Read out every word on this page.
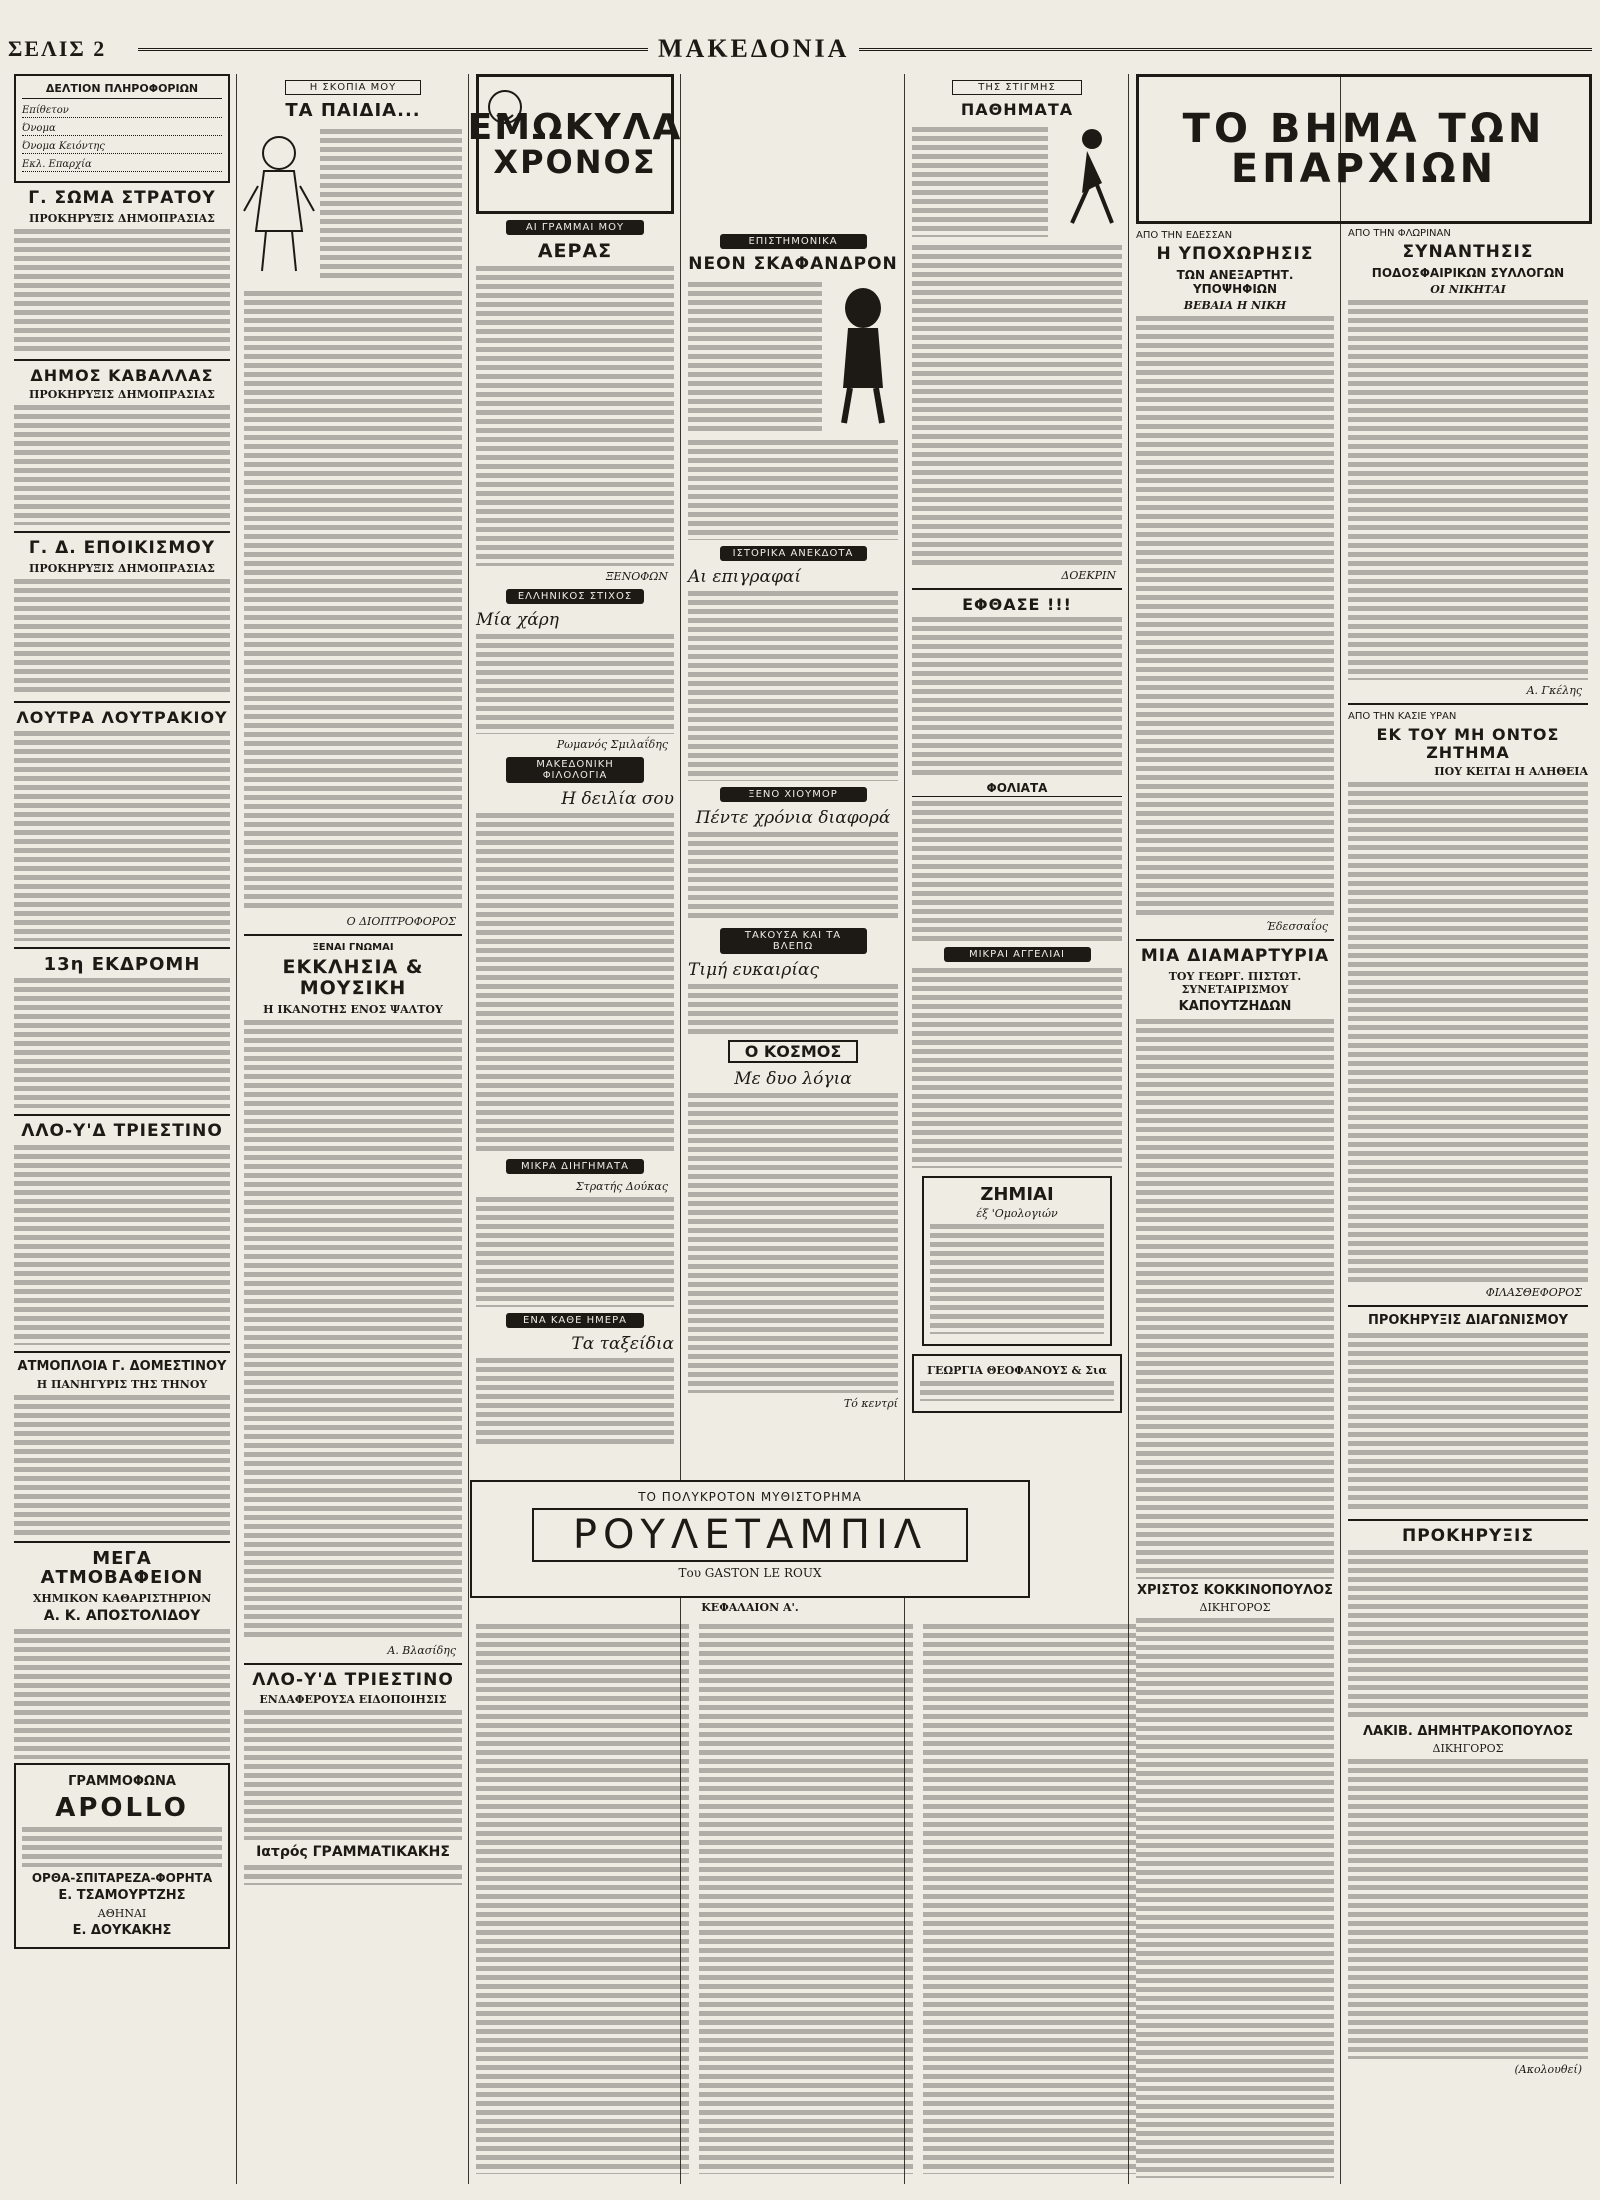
ΣΕΛΙΣ 2	ΜΑΚΕΔΟΝΙΑ
ΔΕΛΤΙΟΝ ΠΛΗΡΟΦΟΡΙΩΝ
Επίθετον
Όνομα
Όνομα Κειόντης
Εκλ. Επαρχία
Γ. ΣΩΜΑ ΣΤΡΑΤΟΥ
ΠΡΟΚΗΡΥΞΙΣ ΔΗΜΟΠΡΑΣΙΑΣ
ΔΗΜΟΣ ΚΑΒΑΛΛΑΣ
ΠΡΟΚΗΡΥΞΙΣ ΔΗΜΟΠΡΑΣΙΑΣ
Γ. Δ. ΕΠΟΙΚΙΣΜΟΥ
ΠΡΟΚΗΡΥΞΙΣ ΔΗΜΟΠΡΑΣΙΑΣ
ΛΟΥΤΡΑ ΛΟΥΤΡΑΚΙΟΥ
13η ΕΚΔΡΟΜΗ
ΛΛΟ-Υ'Δ ΤΡΙΕΣΤΙΝΟ
ΑΤΜΟΠΛΟΙΑ Γ. ΔΟΜΕΣΤΙΝΟΥ
Η ΠΑΝΗΓΥΡΙΣ ΤΗΣ ΤΗΝΟΥ
ΜΕΓΑ ΑΤΜΟΒΑΦΕΙΟΝ
ΧΗΜΙΚΟΝ ΚΑΘΑΡΙΣΤΗΡΙΟΝ
Α. Κ. ΑΠΟΣΤΟΛΙΔΟΥ
ΓΡΑΜΜΟΦΩΝΑ
APOLLO
ΟΡΘΑ-ΣΠΙΤΑΡΕΖΑ-ΦΟΡΗΤΑ
Ε. ΤΣΑΜΟΥΡΤΖΗΣ
ΑΘΗΝΑΙ
Ε. ΔΟΥΚΑΚΗΣ
Η ΣΚΟΠΙΑ ΜΟΥ
ΤΑ ΠΑΙΔΙΑ...
Ο ΔΙΟΠΤΡΟΦΟΡΟΣ
ΞΕΝΑΙ ΓΝΩΜΑΙ
ΕΚΚΛΗΣΙΑ & ΜΟΥΣΙΚΗ
Η ΙΚΑΝΟΤΗΣ ΕΝΟΣ ΨΑΛΤΟΥ
Α. Βλασίδης
ΛΛΟ-Υ'Δ ΤΡΙΕΣΤΙΝΟ
ΕΝΔΑΦΕΡΟΥΣΑ ΕΙΔΟΠΟΙΗΣΙΣ
Ιατρός ΓΡΑΜΜΑΤΙΚΑΚΗΣ
ΕΜΩΚΥΛΑ
ΧΡΟΝΟΣ
ΑΙ ΓΡΑΜΜΑΙ ΜΟΥ
ΑΕΡΑΣ
ΞΕΝΟΦΩΝ
ΕΛΛΗΝΙΚΟΣ ΣΤΙΧΟΣ
Μία χάρη
Ρωμανός Σμιλαΐδης
ΜΑΚΕΔΟΝΙΚΗ ΦΙΛΟΛΟΓΙΑ
Η δειλία σου
ΜΙΚΡΑ ΔΙΗΓΗΜΑΤΑ
Στρατής Δούκας
ΕΝΑ ΚΑΘΕ ΗΜΕΡΑ
Τα ταξείδια
ΕΠΙΣΤΗΜΟΝΙΚΑ
ΝΕΟΝ ΣΚΑΦΑΝΔΡΟΝ
ΙΣΤΟΡΙΚΑ ΑΝΕΚΔΟΤΑ
Αι επιγραφαί
ΞΕΝΟ ΧΙΟΥΜΟΡ
Πέντε χρόνια διαφορά
ΤΑΚΟΥΣΑ ΚΑΙ ΤΑ ΒΛΕΠΩ
Τιμή ευκαιρίας
Ο ΚΟΣΜΟΣ
Με δυο λόγια
Τό κεντρί
ΤΗΣ ΣΤΙΓΜΗΣ
ΠΑΘΗΜΑΤΑ
ΔΟΕΚΡΙΝ
ΕΦΘΑΣΕ !!!
ΦΟΛΙΑΤΑ
ΜΙΚΡΑΙ ΑΓΓΕΛΙΑΙ
ΖΗΜΙΑΙ
έξ 'Ομολογιών
ΓΕΩΡΓΙΑ ΘΕΟΦΑΝΟΥΣ & Σια
ΤΟ ΒΗΜΑ ΤΩΝ
ΕΠΑΡΧΙΩΝ
ΑΠΟ ΤΗΝ ΕΔΕΣΣΑΝ
Η ΥΠΟΧΩΡΗΣΙΣ
ΤΩΝ ΑΝΕΞΑΡΤΗΤ. ΥΠΟΨΗΦΙΩΝ
ΒΕΒΑΙΑ Η ΝΙΚΗ
Έδεσσαΐος
ΜΙΑ ΔΙΑΜΑΡΤΥΡΙΑ
ΤΟΥ ΓΕΩΡΓ. ΠΙΣΤΩΤ. ΣΥΝΕΤΑΙΡΙΣΜΟΥ
ΚΑΠΟΥΤΖΗΔΩΝ
ΧΡΙΣΤΟΣ ΚΟΚΚΙΝΟΠΟΥΛΟΣ
ΔΙΚΗΓΟΡΟΣ
ΑΠΟ ΤΗΝ ΦΛΩΡΙΝΑΝ
ΣΥΝΑΝΤΗΣΙΣ
ΠΟΔΟΣΦΑΙΡΙΚΩΝ ΣΥΛΛΟΓΩΝ
ΟΙ ΝΙΚΗΤΑΙ
Α. Γκέλης
ΑΠΟ ΤΗΝ ΚΑΣΙΕ ΥΡΑΝ
ΕΚ ΤΟΥ ΜΗ ΟΝΤΟΣ ΖΗΤΗΜΑ
ΠΟΥ ΚΕΙΤΑΙ Η ΑΛΗΘΕΙΑ
ΦΙΛΑΣΘΕΦΟΡΟΣ
ΠΡΟΚΗΡΥΞΙΣ ΔΙΑΓΩΝΙΣΜΟΥ
ΠΡΟΚΗΡΥΞΙΣ
ΛΑΚΙΒ. ΔΗΜΗΤΡΑΚΟΠΟΥΛΟΣ
ΔΙΚΗΓΟΡΟΣ
(Ακολουθεί)
ΤΟ ΠΟΛΥΚΡΟΤΟΝ ΜΥΘΙΣΤΟΡΗΜΑ
ΡΟΥΛΕΤΑΜΠΙΛ
Του GASTON LE ROUX
ΚΕΦΑΛΑΙΟΝ Α'.
